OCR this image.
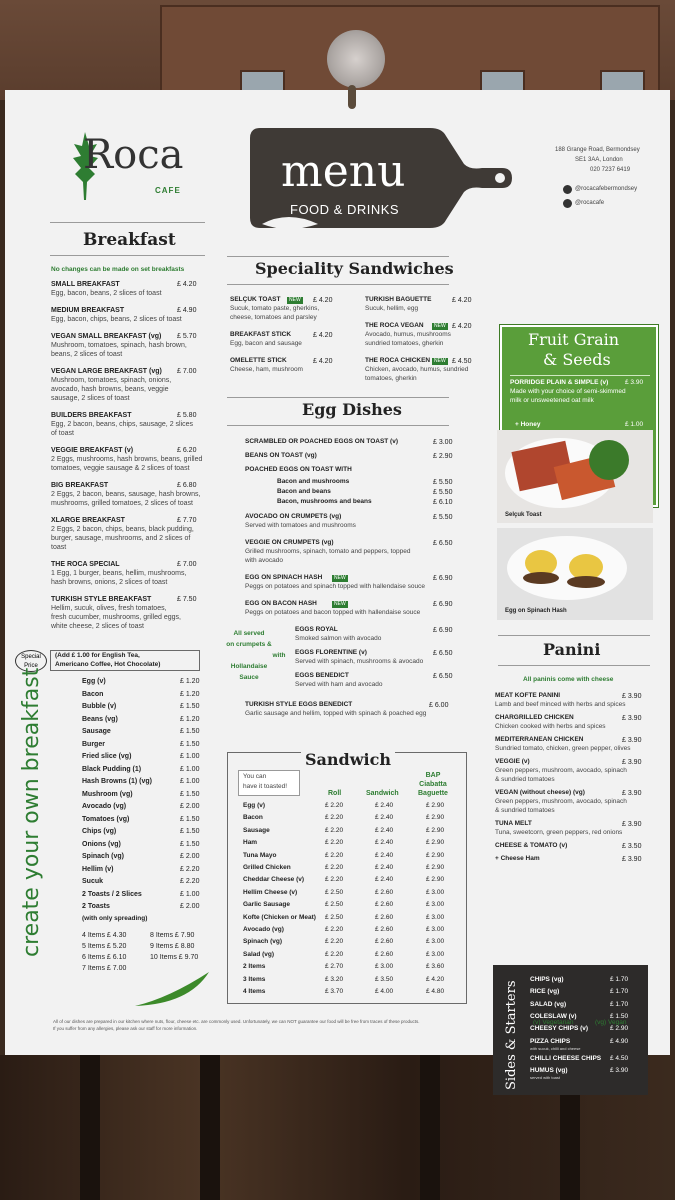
Roca
CAFE menu
FOOD & DRINKS
188 Grange Road, Bermondsey
SE1 3AA, London
020 7237 6419
@rocacafebermondsey
@rocacafe
Breakfast
No changes can be made on set breakfasts
SMALL BREAKFAST	£ 4.20
Egg, bacon, beans, 2 slices of toast
MEDIUM BREAKFAST	£ 4.90
Egg, bacon, chips, beans, 2 slices of toast
VEGAN SMALL BREAKFAST (vg) £ 5.70
Mushroom, tomatoes, spinach, hash brown,
beans, 2 slices of toast
VEGAN LARGE BREAKFAST (vg) £ 7.00
Mushroom, tomatoes, spinach, onions,
avocado, hash browns, beans, veggie
sausage, 2 slices of toast
BUILDERS BREAKFAST	£ 5.80
Egg, 2 bacon, beans, chips, sausage, 2 slices
of toast
VEGGIE BREAKFAST (v)	£ 6.20
2 Eggs, mushrooms, hash browns, beans, grilled
tomatoes, veggie sausage & 2 slices of toast
BIG BREAKFAST	£ 6.80
2 Eggs, 2 bacon, beans, sausage, hash browns,
mushrooms, grilled tomatoes, 2 slices of toast
XLARGE BREAKFAST	£ 7.70
2 Eggs, 2 bacon, chips, beans, black pudding,
burger, sausage, mushrooms, and 2 slices of
toast
THE ROCA SPECIAL	£ 7.00
1 Egg, 1 burger, beans, hellim, mushrooms,
hash browns, onions, 2 slices of toast
TURKISH STYLE BREAKFAST	£ 7.50
Hellim, sucuk, olives, fresh tomatoes,
fresh cucumber, mushrooms, grilled eggs,
white cheese, 2 slices of toast
Special
Price
(Add £ 1.00 for English Tea,
Americano Coffee, Hot Chocolate)
create your own breakfast	Egg (v)	£ 1.20
Bacon	£ 1.20
Bubble (v)	£ 1.50
Beans (vg)	£ 1.20
Sausage	£ 1.50
Burger	£ 1.50
Fried slice (vg)	£ 1.00
Black Pudding (1)	£ 1.00
Hash Browns (1) (vg)	£ 1.00
Mushroom (vg)	£ 1.50
Avocado (vg)	£ 2.00
Tomatoes (vg)	£ 1.50
Chips (vg)	£ 1.50
Onions (vg)	£ 1.50
Spinach (vg)	£ 2.00
Hellim (v)	£ 2.20
Sucuk	£ 2.20
2 Toasts / 2 Slices	£ 1.00
2 Toasts	£ 2.00
(with only spreading)
4 Items £ 4.30	8 Items £ 7.90
5 Items £ 5.20	9 Items £ 8.80
6 Items £ 6.10	10 Items £ 9.70
7 Items £ 7.00
Speciality Sandwiches
SELÇUK TOAST	£ 4.20
NEW
Sucuk, tomato paste, gherkins,
cheese, tomatoes and parsley
TURKISH BAGUETTE	£ 4.20
Sucuk, hellim, egg
BREAKFAST STICK	£ 4.20
Egg, bacon and sausage
THE ROCA VEGAN	£ 4.20
NEW
Avocado, humus, mushrooms
sundried tomatoes, gherkin
OMELETTE STICK	£ 4.20
Cheese, ham, mushroom
THE ROCA CHICKEN	£ 4.50
NEW
Chicken, avocado, humus, sundried
tomatoes, gherkin
Egg Dishes
SCRAMBLED OR POACHED EGGS ON TOAST (v)	£ 3.00
BEANS ON TOAST (vg)	£ 2.90
POACHED EGGS ON TOAST WITH
Bacon and mushrooms	£ 5.50
Bacon and beans	£ 5.50
Bacon, mushrooms and beans	£ 6.10
AVOCADO ON CRUMPETS (vg)	£ 5.50
Served with tomatoes and mushrooms
VEGGIE ON CRUMPETS (vg)	£ 6.50
Grilled mushrooms, spinach, tomato and peppers, topped
with avocado
EGG ON SPINACH HASH	NEW	£ 6.90
Peggs on potatoes and spinach topped with hallendaise souce
EGG ON BACON HASH	NEW	£ 6.90
Peggs on potatoes and bacon topped with hallendaise souce
All served
on crumpets &
with
Hollandaise
Sauce
EGGS ROYAL	£ 6.90
Smoked salmon with avocado
EGGS FLORENTINE (v)	£ 6.50
Served with spinach, mushrooms & avocado
EGGS BENEDICT	£ 6.50
Served with ham and avocado
TURKISH STYLE EGGS BENEDICT	£ 6.00
Garlic sausage and hellim, topped with spinach & poached egg
Sandwich
You can
have it toasted!
Roll	Sandwich
BAP
Ciabatta
Baguette
Egg (v)	£ 2.20	£ 2.40	£ 2.90
Bacon	£ 2.20	£ 2.40	£ 2.90
Sausage	£ 2.20	£ 2.40	£ 2.90
Ham	£ 2.20	£ 2.40	£ 2.90
Tuna Mayo	£ 2.20	£ 2.40	£ 2.90
Grilled Chicken	£ 2.20	£ 2.40	£ 2.90
Cheddar Cheese (v)	£ 2.20	£ 2.40	£ 2.90
Hellim Cheese (v)	£ 2.50	£ 2.60	£ 3.00
Garlic Sausage	£ 2.50	£ 2.60	£ 3.00
Kofte (Chicken or Meat) £ 2.50	£ 2.60	£ 3.00
Avocado (vg)	£ 2.20	£ 2.60	£ 3.00
Spinach (vg)	£ 2.20	£ 2.60	£ 3.00
Salad (vg)	£ 2.20	£ 2.60	£ 3.00
2 Items	£ 2.70	£ 3.00	£ 3.60
3 Items	£ 3.20	£ 3.50	£ 4.20
4 Items	£ 3.70	£ 4.00	£ 4.80
Fruit Grain
& Seeds
PORRIDGE PLAIN & SIMPLE (v)	£ 3.90
Made with your choice of semi-skimmed
milk or unsweetened oat milk
+ Honey	£ 1.00
Selçuk Toast
Egg on Spinach Hash
Panini
All paninis come with cheese
MEAT KOFTE PANINI	£ 3.90
Lamb and beef minced with herbs and spices
CHARGRILLED CHICKEN	£ 3.90
Chicken cooked with herbs and spices
MEDITERRANEAN CHICKEN	£ 3.90
Sundried tomato, chicken, green pepper, olives
VEGGIE (v)	£ 3.90
Green peppers, mushroom, avocado, spinach
& sundried tomatoes
VEGAN (without cheese) (vg)	£ 3.90
Green peppers, mushroom, avocado, spinach
& sundried tomatoes
TUNA MELT	£ 3.90
Tuna, sweetcorn, green peppers, red onions
CHEESE & TOMATO (v)	£ 3.50
+ Cheese Ham	£ 3.90
Sides & Starters
CHIPS (vg)	£ 1.70
RICE (vg)	£ 1.70
SALAD (vg)	£ 1.70
COLESLAW (v)	£ 1.50
CHEESY CHIPS (v)	£ 2.90
PIZZA CHIPS	£ 4.90
with sucuk, chilli and cheese
CHILLI CHEESE CHIPS £ 4.50
HUMUS (vg)	£ 3.90
served with toast
All of our dishes are prepared in our kitchen where nuts, flour, cheese etc. are commonly used. Unfortunately, we can NOT guarantee our food will be free from traces of these products.
If you suffer from any allergies, please ask our staff for more information.
(v) Vegetarian	(vg) Vegan
